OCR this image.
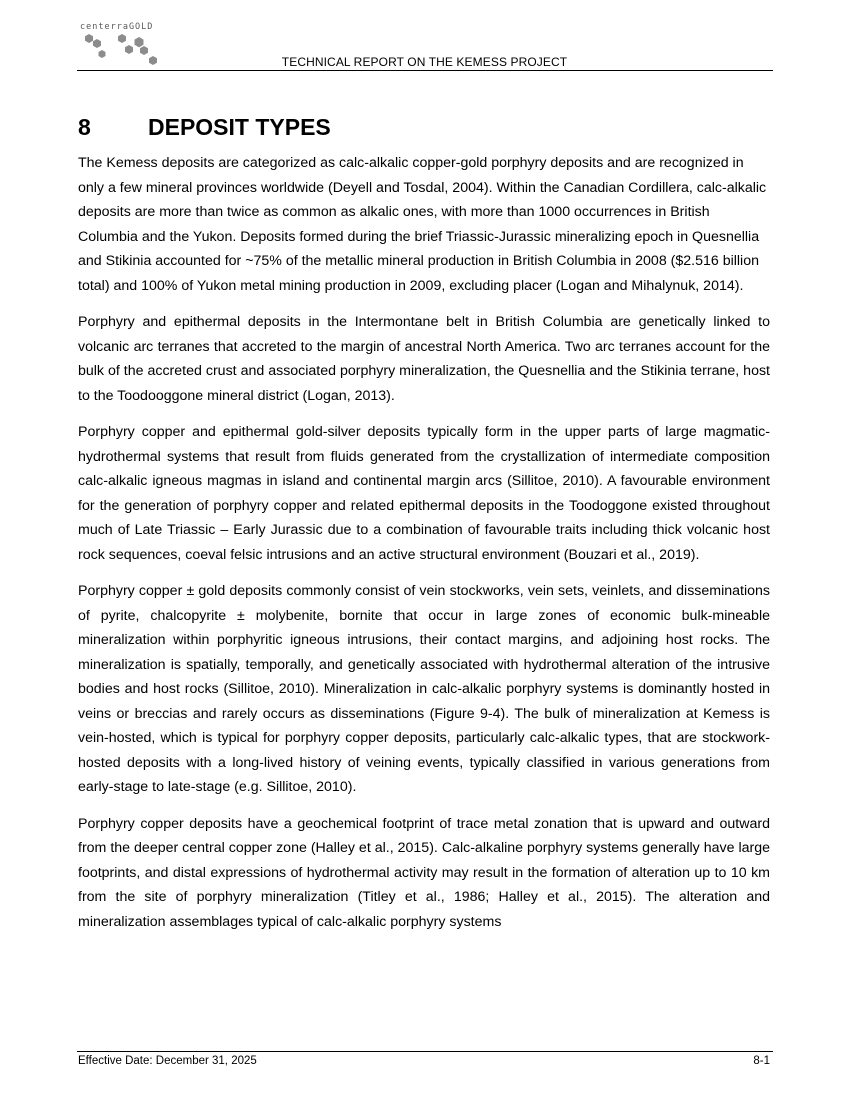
centerraGOLD
TECHNICAL REPORT ON THE KEMESS PROJECT
8 DEPOSIT TYPES

The Kemess deposits are categorized as calc-alkalic copper-gold porphyry deposits and are recognized in only a few mineral provinces worldwide (Deyell and Tosdal, 2004). Within the Canadian Cordillera, calc-alkalic deposits are more than twice as common as alkalic ones, with more than 1000 occurrences in British Columbia and the Yukon. Deposits formed during the brief Triassic-Jurassic mineralizing epoch in Quesnellia and Stikinia accounted for ~75% of the metallic mineral production in British Columbia in 2008 ($2.516 billion total) and 100% of Yukon metal mining production in 2009, excluding placer (Logan and Mihalynuk, 2014).

Porphyry and epithermal deposits in the Intermontane belt in British Columbia are genetically linked to volcanic arc terranes that accreted to the margin of ancestral North America. Two arc terranes account for the bulk of the accreted crust and associated porphyry mineralization, the Quesnellia and the Stikinia terrane, host to the Toodooggone mineral district (Logan, 2013).

Porphyry copper and epithermal gold-silver deposits typically form in the upper parts of large magmatic-hydrothermal systems that result from fluids generated from the crystallization of intermediate composition calc-alkalic igneous magmas in island and continental margin arcs (Sillitoe, 2010). A favourable environment for the generation of porphyry copper and related epithermal deposits in the Toodoggone existed throughout much of Late Triassic – Early Jurassic due to a combination of favourable traits including thick volcanic host rock sequences, coeval felsic intrusions and an active structural environment (Bouzari et al., 2019).

Porphyry copper ± gold deposits commonly consist of vein stockworks, vein sets, veinlets, and disseminations of pyrite, chalcopyrite ± molybenite, bornite that occur in large zones of economic bulk-mineable mineralization within porphyritic igneous intrusions, their contact margins, and adjoining host rocks. The mineralization is spatially, temporally, and genetically associated with hydrothermal alteration of the intrusive bodies and host rocks (Sillitoe, 2010). Mineralization in calc-alkalic porphyry systems is dominantly hosted in veins or breccias and rarely occurs as disseminations (Figure 9-4). The bulk of mineralization at Kemess is vein-hosted, which is typical for porphyry copper deposits, particularly calc-alkalic types, that are stockwork-hosted deposits with a long-lived history of veining events, typically classified in various generations from early-stage to late-stage (e.g. Sillitoe, 2010).

Porphyry copper deposits have a geochemical footprint of trace metal zonation that is upward and outward from the deeper central copper zone (Halley et al., 2015). Calc-alkaline porphyry systems generally have large footprints, and distal expressions of hydrothermal activity may result in the formation of alteration up to 10 km from the site of porphyry mineralization (Titley et al., 1986; Halley et al., 2015). The alteration and mineralization assemblages typical of calc-alkalic porphyry systems

Effective Date: December 31, 2025	8-1
